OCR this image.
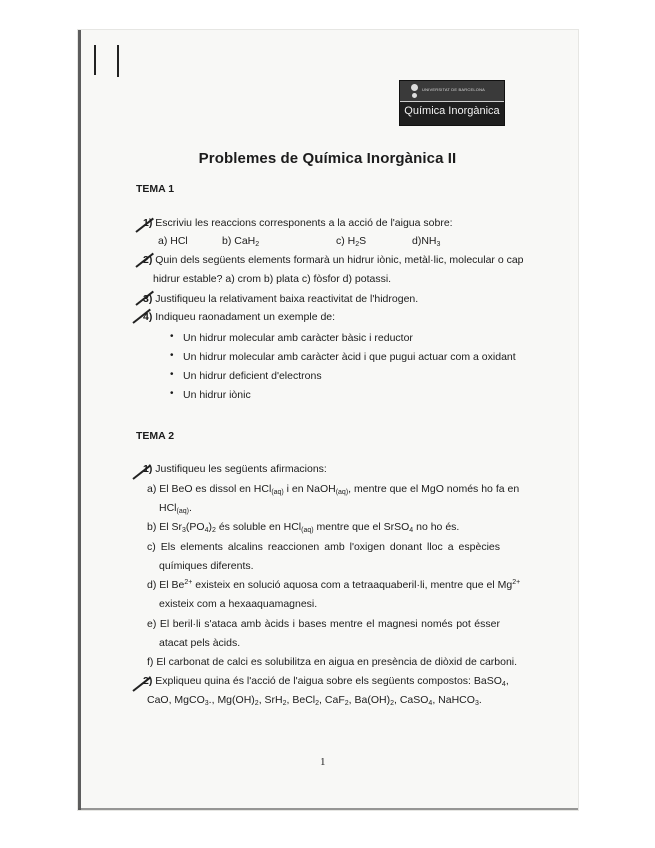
UNIVERSITAT DE BARCELONA
Química Inorgànica
Problemes de Química Inorgànica II
TEMA 1
1) Escriviu les reaccions corresponents a la acció de l'aigua sobre:
a) HCl	b) CaH$_2$	c) $H_2S$	$d)NH_3$
2) Quin dels següents elements formarà un hidrur iònic, metàl·lic, molecular o cap
hidrur estable? a) crom b) plata c) fòsfor d) potassi.
3) Justifiqueu la relativament baixa reactivitat de l'hidrogen.
4) Indiqueu raonadament un exemple de:
• Un hidrur molecular amb caràcter bàsic i reductor
• Un hidrur molecular amb caràcter àcid i que pugui actuar com a oxidant
• Un hidrur deficient d'electrons
• Un hidrur iònic
TEMA 2
1) Justifiqueu les següents afirmacions:
a) El BeO es dissol en HCl$_{(aq)}$ i en NaOH$_{(aq)}$, mentre que el MgO només ho fa en
HCl$_{(aq)}$.
b) El $Sr_3(PO_4)_2$ és soluble en HCl$_{(aq)}$ mentre que el SrSO$_4$ no ho és.
c) Els elements alcalins reaccionen amb l'oxigen donant lloc a espècies
químiques diferents.
d) El $Be^{2+}$ existeix en solució aquosa com a tetraaquaberil·li, mentre que el $Mg^{2+}$
existeix com a hexaaquamagnesi.
e) El beril·li s'ataca amb àcids i bases mentre el magnesi només pot ésser
atacat pels àcids.
f) El carbonat de calci es solubilitza en aigua en presència de diòxid de carboni.
2) Expliqueu quina és l'acció de l'aigua sobre els següents compostos: BaSO$_4$,
CaO, MgCO$_3$., $Mg(OH)_2$, SrH$_2$, BeCl$_2$, CaF$_2$, $Ba(OH)_2$, CaSO$_4$, NaHCO$_3$.
1
